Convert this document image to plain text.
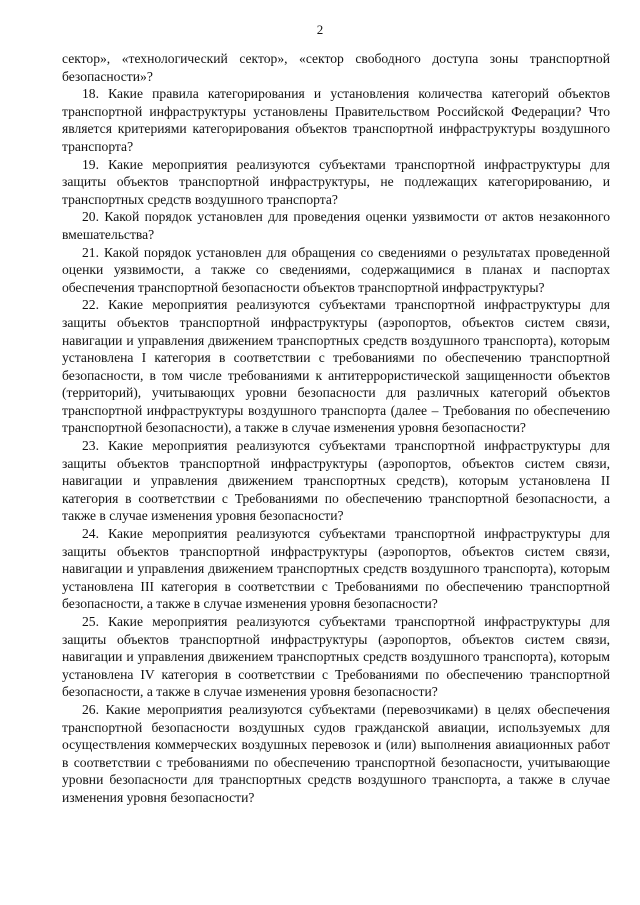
2

сектор», «технологический сектор», «сектор свободного доступа зоны транспортной безопасности»?

18. Какие правила категорирования и установления количества категорий объектов транспортной инфраструктуры установлены Правительством Российской Федерации? Что является критериями категорирования объектов транспортной инфраструктуры воздушного транспорта?

19. Какие мероприятия реализуются субъектами транспортной инфраструктуры для защиты объектов транспортной инфраструктуры, не подлежащих категорированию, и транспортных средств воздушного транспорта?

20. Какой порядок установлен для проведения оценки уязвимости от актов незаконного вмешательства?

21. Какой порядок установлен для обращения со сведениями о результатах проведенной оценки уязвимости, а также со сведениями, содержащимися в планах и паспортах обеспечения транспортной безопасности объектов транспортной инфраструктуры?

22. Какие мероприятия реализуются субъектами транспортной инфраструктуры для защиты объектов транспортной инфраструктуры (аэропортов, объектов систем связи, навигации и управления движением транспортных средств воздушного транспорта), которым установлена I категория в соответствии с требованиями по обеспечению транспортной безопасности, в том числе требованиями к антитеррористической защищенности объектов (территорий), учитывающих уровни безопасности для различных категорий объектов транспортной инфраструктуры воздушного транспорта (далее – Требования по обеспечению транспортной безопасности), а также в случае изменения уровня безопасности?

23. Какие мероприятия реализуются субъектами транспортной инфраструктуры для защиты объектов транспортной инфраструктуры (аэропортов, объектов систем связи, навигации и управления движением транспортных средств), которым установлена II категория в соответствии с Требованиями по обеспечению транспортной безопасности, а также в случае изменения уровня безопасности?

24. Какие мероприятия реализуются субъектами транспортной инфраструктуры для защиты объектов транспортной инфраструктуры (аэропортов, объектов систем связи, навигации и управления движением транспортных средств воздушного транспорта), которым установлена III категория в соответствии с Требованиями по обеспечению транспортной безопасности, а также в случае изменения уровня безопасности?

25. Какие мероприятия реализуются субъектами транспортной инфраструктуры для защиты объектов транспортной инфраструктуры (аэропортов, объектов систем связи, навигации и управления движением транспортных средств воздушного транспорта), которым установлена IV категория в соответствии с Требованиями по обеспечению транспортной безопасности, а также в случае изменения уровня безопасности?

26. Какие мероприятия реализуются субъектами (перевозчиками) в целях обеспечения транспортной безопасности воздушных судов гражданской авиации, используемых для осуществления коммерческих воздушных перевозок и (или) выполнения авиационных работ в соответствии с требованиями по обеспечению транспортной безопасности, учитывающие уровни безопасности для транспортных средств воздушного транспорта, а также в случае изменения уровня безопасности?
